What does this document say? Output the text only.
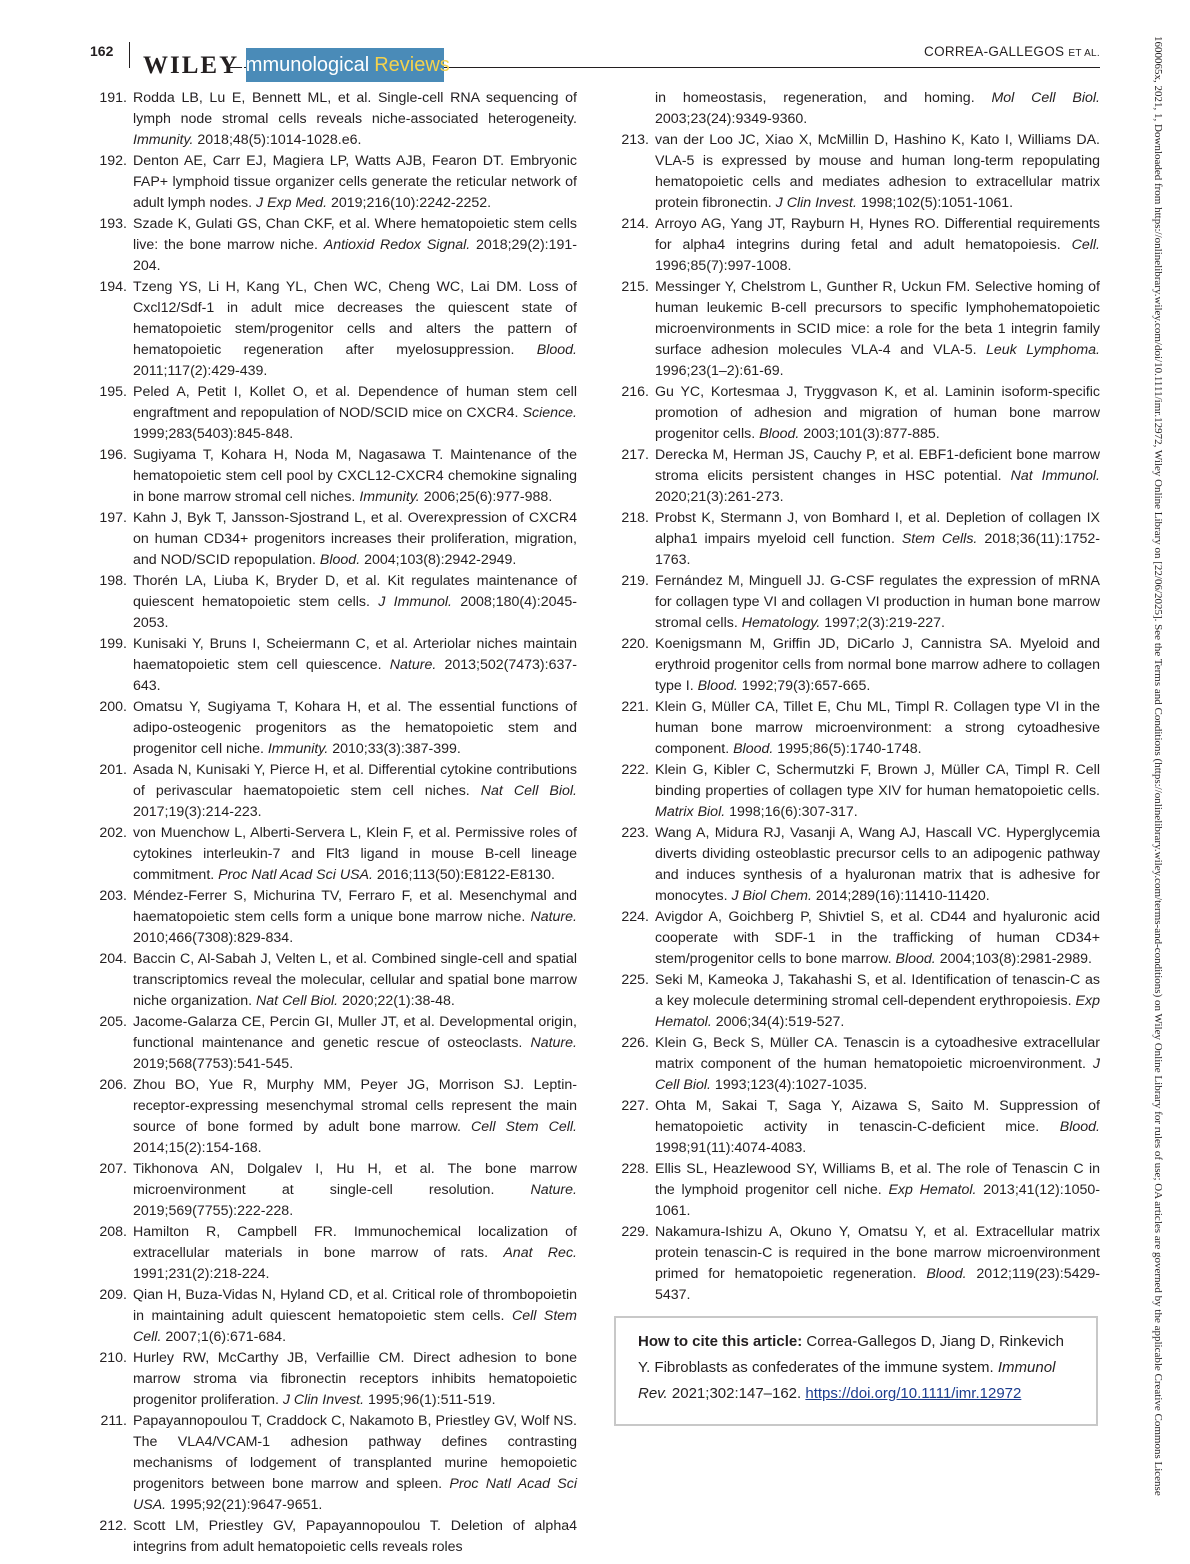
162
WILEY Immunological Reviews
CORREA-GALLEGOS ET AL.

191. Rodda LB, Lu E, Bennett ML, et al. Single-cell RNA sequencing of lymph node stromal cells reveals niche-associated heterogeneity. Immunity. 2018;48(5):1014-1028.e6.

192. Denton AE, Carr EJ, Magiera LP, Watts AJB, Fearon DT. Embryonic FAP+ lymphoid tissue organizer cells generate the reticular network of adult lymph nodes. J Exp Med. 2019;216(10):2242-2252.

193. Szade K, Gulati GS, Chan CKF, et al. Where hematopoietic stem cells live: the bone marrow niche. Antioxid Redox Signal. 2018;29(2):191-204.

194. Tzeng YS, Li H, Kang YL, Chen WC, Cheng WC, Lai DM. Loss of Cxcl12/Sdf-1 in adult mice decreases the quiescent state of hematopoietic stem/progenitor cells and alters the pattern of hematopoietic regeneration after myelosuppression. Blood. 2011;117(2):429-439.

195. Peled A, Petit I, Kollet O, et al. Dependence of human stem cell engraftment and repopulation of NOD/SCID mice on CXCR4. Science. 1999;283(5403):845-848.

196. Sugiyama T, Kohara H, Noda M, Nagasawa T. Maintenance of the hematopoietic stem cell pool by CXCL12-CXCR4 chemokine signaling in bone marrow stromal cell niches. Immunity. 2006;25(6):977-988.

197. Kahn J, Byk T, Jansson-Sjostrand L, et al. Overexpression of CXCR4 on human CD34+ progenitors increases their proliferation, migration, and NOD/SCID repopulation. Blood. 2004;103(8):2942-2949.

198. Thorén LA, Liuba K, Bryder D, et al. Kit regulates maintenance of quiescent hematopoietic stem cells. J Immunol. 2008;180(4):2045-2053.

199. Kunisaki Y, Bruns I, Scheiermann C, et al. Arteriolar niches maintain haematopoietic stem cell quiescence. Nature. 2013;502(7473):637-643.

200. Omatsu Y, Sugiyama T, Kohara H, et al. The essential functions of adipo-osteogenic progenitors as the hematopoietic stem and progenitor cell niche. Immunity. 2010;33(3):387-399.

201. Asada N, Kunisaki Y, Pierce H, et al. Differential cytokine contributions of perivascular haematopoietic stem cell niches. Nat Cell Biol. 2017;19(3):214-223.

202. von Muenchow L, Alberti-Servera L, Klein F, et al. Permissive roles of cytokines interleukin-7 and Flt3 ligand in mouse B-cell lineage commitment. Proc Natl Acad Sci USA. 2016;113(50):E8122-E8130.

203. Méndez-Ferrer S, Michurina TV, Ferraro F, et al. Mesenchymal and haematopoietic stem cells form a unique bone marrow niche. Nature. 2010;466(7308):829-834.

204. Baccin C, Al-Sabah J, Velten L, et al. Combined single-cell and spatial transcriptomics reveal the molecular, cellular and spatial bone marrow niche organization. Nat Cell Biol. 2020;22(1):38-48.

205. Jacome-Galarza CE, Percin GI, Muller JT, et al. Developmental origin, functional maintenance and genetic rescue of osteoclasts. Nature. 2019;568(7753):541-545.

206. Zhou BO, Yue R, Murphy MM, Peyer JG, Morrison SJ. Leptin-receptor-expressing mesenchymal stromal cells represent the main source of bone formed by adult bone marrow. Cell Stem Cell. 2014;15(2):154-168.

207. Tikhonova AN, Dolgalev I, Hu H, et al. The bone marrow microenvironment at single-cell resolution. Nature. 2019;569(7755):222-228.

208. Hamilton R, Campbell FR. Immunochemical localization of extracellular materials in bone marrow of rats. Anat Rec. 1991;231(2):218-224.

209. Qian H, Buza-Vidas N, Hyland CD, et al. Critical role of thrombopoietin in maintaining adult quiescent hematopoietic stem cells. Cell Stem Cell. 2007;1(6):671-684.

210. Hurley RW, McCarthy JB, Verfaillie CM. Direct adhesion to bone marrow stroma via fibronectin receptors inhibits hematopoietic progenitor proliferation. J Clin Invest. 1995;96(1):511-519.

211. Papayannopoulou T, Craddock C, Nakamoto B, Priestley GV, Wolf NS. The VLA4/VCAM-1 adhesion pathway defines contrasting mechanisms of lodgement of transplanted murine hemopoietic progenitors between bone marrow and spleen. Proc Natl Acad Sci USA. 1995;92(21):9647-9651.

212. Scott LM, Priestley GV, Papayannopoulou T. Deletion of alpha4 integrins from adult hematopoietic cells reveals roles

in homeostasis, regeneration, and homing. Mol Cell Biol. 2003;23(24):9349-9360.

213. van der Loo JC, Xiao X, McMillin D, Hashino K, Kato I, Williams DA. VLA-5 is expressed by mouse and human long-term repopulating hematopoietic cells and mediates adhesion to extracellular matrix protein fibronectin. J Clin Invest. 1998;102(5):1051-1061.

214. Arroyo AG, Yang JT, Rayburn H, Hynes RO. Differential requirements for alpha4 integrins during fetal and adult hematopoiesis. Cell. 1996;85(7):997-1008.

215. Messinger Y, Chelstrom L, Gunther R, Uckun FM. Selective homing of human leukemic B-cell precursors to specific lymphohematopoietic microenvironments in SCID mice: a role for the beta 1 integrin family surface adhesion molecules VLA-4 and VLA-5. Leuk Lymphoma. 1996;23(1–2):61-69.

216. Gu YC, Kortesmaa J, Tryggvason K, et al. Laminin isoform-specific promotion of adhesion and migration of human bone marrow progenitor cells. Blood. 2003;101(3):877-885.

217. Derecka M, Herman JS, Cauchy P, et al. EBF1-deficient bone marrow stroma elicits persistent changes in HSC potential. Nat Immunol. 2020;21(3):261-273.

218. Probst K, Stermann J, von Bomhard I, et al. Depletion of collagen IX alpha1 impairs myeloid cell function. Stem Cells. 2018;36(11):1752-1763.

219. Fernández M, Minguell JJ. G-CSF regulates the expression of mRNA for collagen type VI and collagen VI production in human bone marrow stromal cells. Hematology. 1997;2(3):219-227.

220. Koenigsmann M, Griffin JD, DiCarlo J, Cannistra SA. Myeloid and erythroid progenitor cells from normal bone marrow adhere to collagen type I. Blood. 1992;79(3):657-665.

221. Klein G, Müller CA, Tillet E, Chu ML, Timpl R. Collagen type VI in the human bone marrow microenvironment: a strong cytoadhesive component. Blood. 1995;86(5):1740-1748.

222. Klein G, Kibler C, Schermutzki F, Brown J, Müller CA, Timpl R. Cell binding properties of collagen type XIV for human hematopoietic cells. Matrix Biol. 1998;16(6):307-317.

223. Wang A, Midura RJ, Vasanji A, Wang AJ, Hascall VC. Hyperglycemia diverts dividing osteoblastic precursor cells to an adipogenic pathway and induces synthesis of a hyaluronan matrix that is adhesive for monocytes. J Biol Chem. 2014;289(16):11410-11420.

224. Avigdor A, Goichberg P, Shivtiel S, et al. CD44 and hyaluronic acid cooperate with SDF-1 in the trafficking of human CD34+ stem/progenitor cells to bone marrow. Blood. 2004;103(8):2981-2989.

225. Seki M, Kameoka J, Takahashi S, et al. Identification of tenascin-C as a key molecule determining stromal cell-dependent erythropoiesis. Exp Hematol. 2006;34(4):519-527.

226. Klein G, Beck S, Müller CA. Tenascin is a cytoadhesive extracellular matrix component of the human hematopoietic microenvironment. J Cell Biol. 1993;123(4):1027-1035.

227. Ohta M, Sakai T, Saga Y, Aizawa S, Saito M. Suppression of hematopoietic activity in tenascin-C-deficient mice. Blood. 1998;91(11):4074-4083.

228. Ellis SL, Heazlewood SY, Williams B, et al. The role of Tenascin C in the lymphoid progenitor cell niche. Exp Hematol. 2013;41(12):1050-1061.

229. Nakamura-Ishizu A, Okuno Y, Omatsu Y, et al. Extracellular matrix protein tenascin-C is required in the bone marrow microenvironment primed for hematopoietic regeneration. Blood. 2012;119(23):5429-5437.

How to cite this article: Correa-Gallegos D, Jiang D, Rinkevich Y. Fibroblasts as confederates of the immune system. Immunol Rev. 2021;302:147–162. https://doi.org/10.1111/imr.12972	1600065x, 2021, 1, Downloaded from https://onlinelibrary.wiley.com/doi/10.1111/imr.12972, Wiley Online Library on [22/06/2025]. See the Terms and Conditions (https://onlinelibrary.wiley.com/terms-and-conditions) on Wiley Online Library for rules of use; OA articles are governed by the applicable Creative Commons License
